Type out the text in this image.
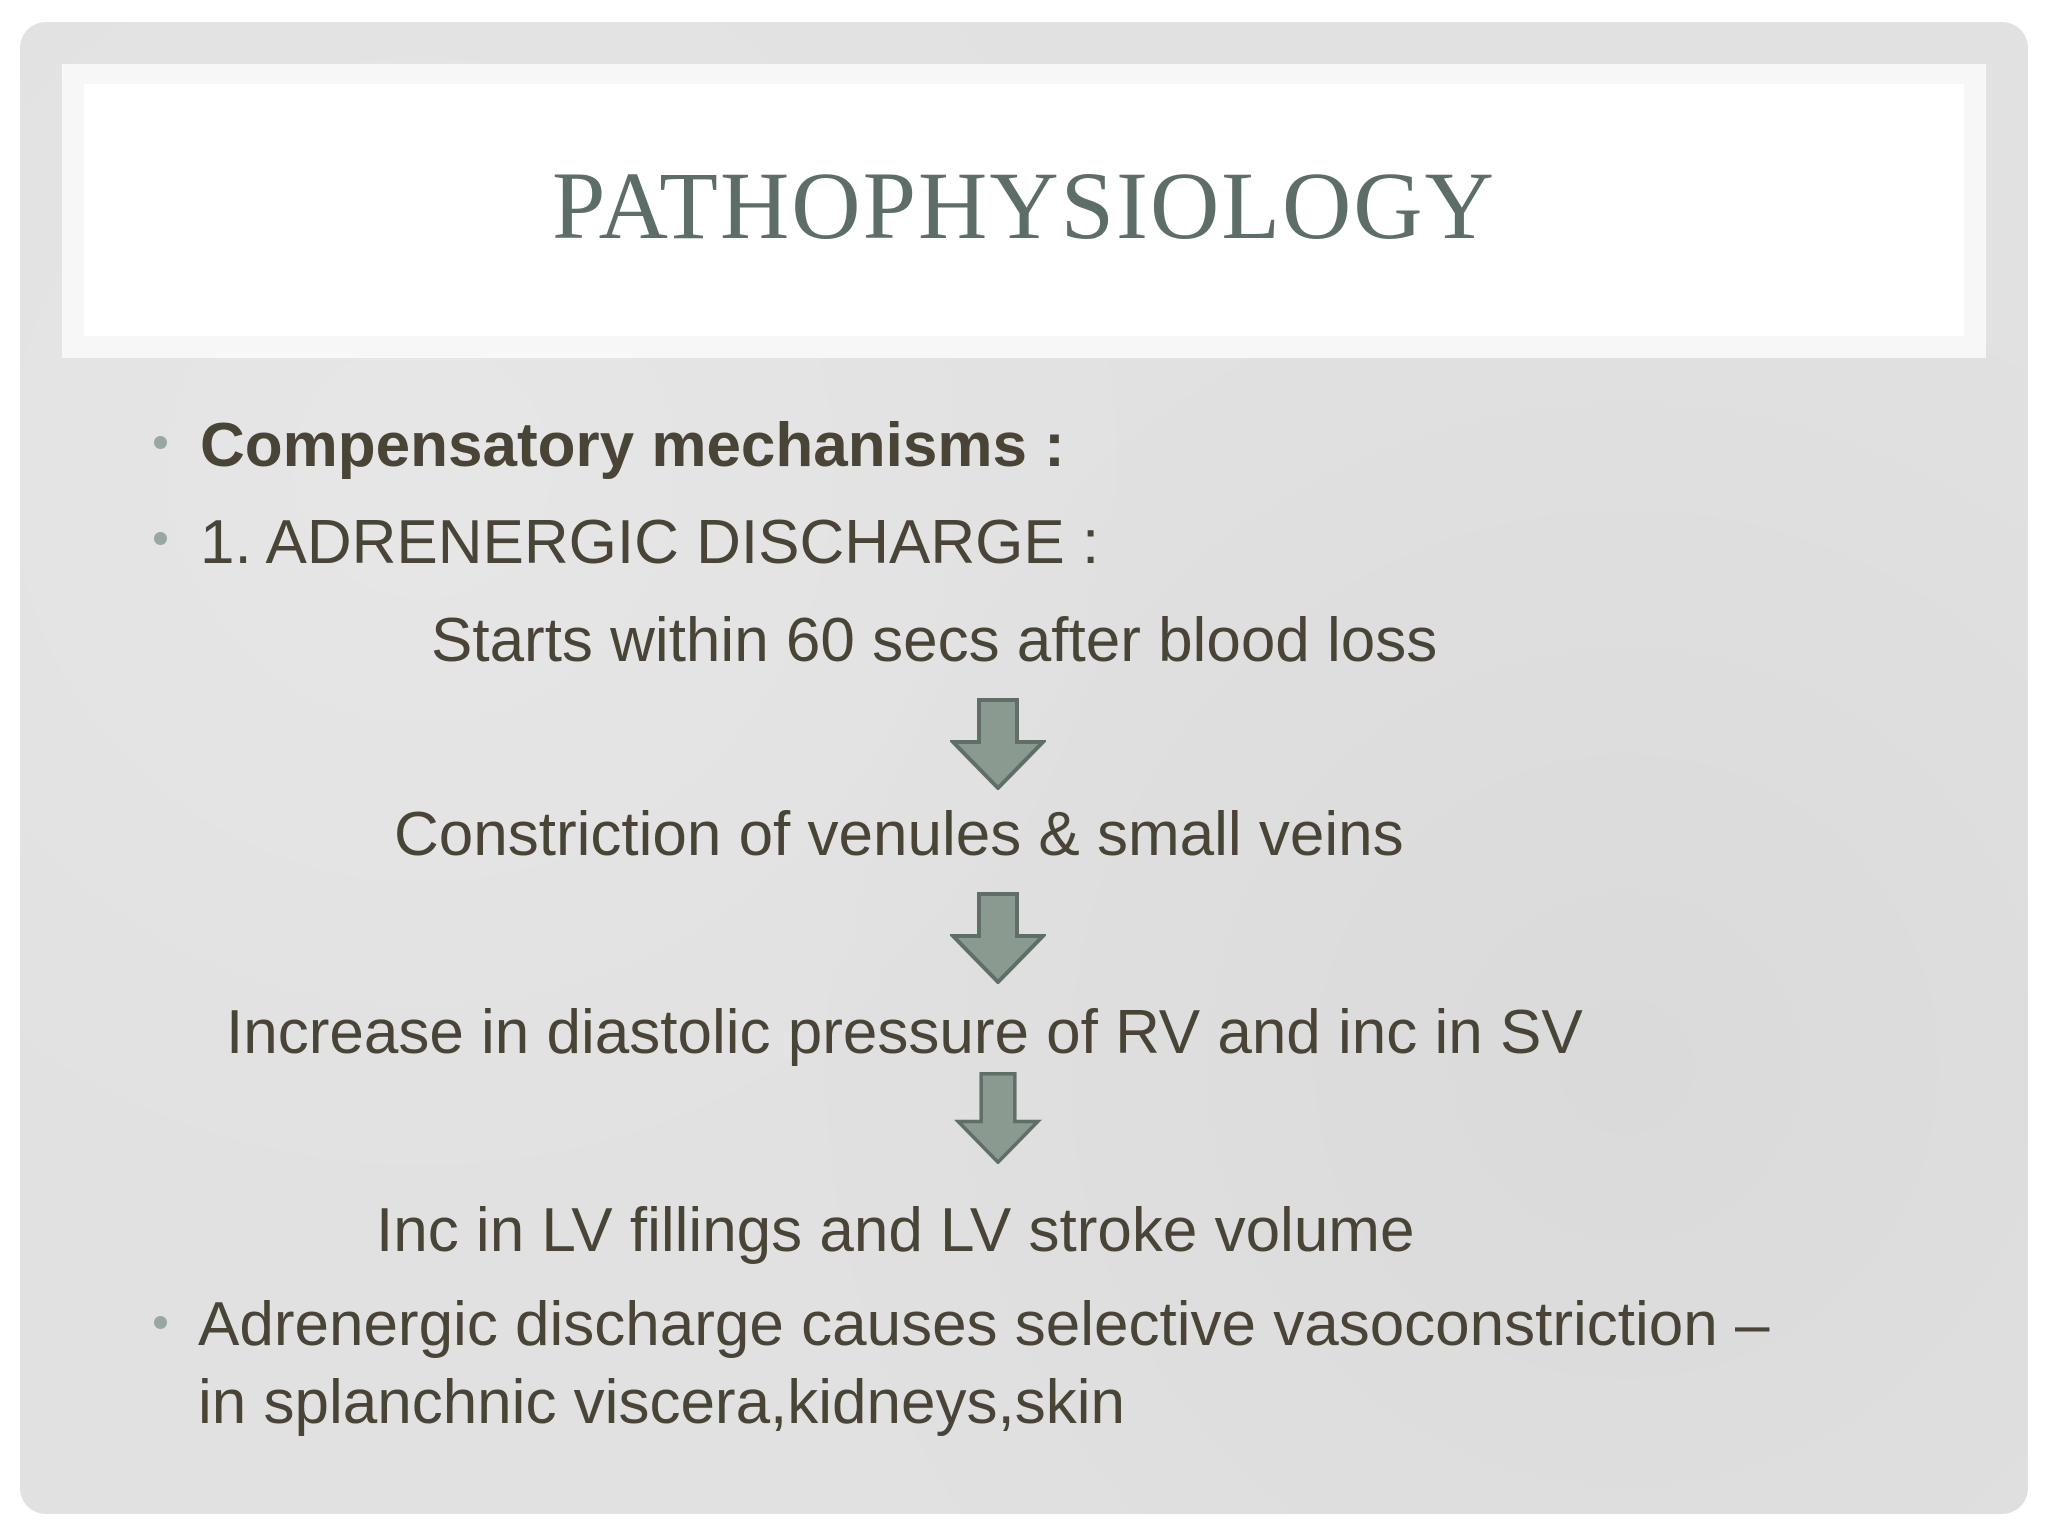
PATHOPHYSIOLOGY
Compensatory mechanisms :
1. ADRENERGIC DISCHARGE :
Starts within 60 secs after blood loss
Constriction of venules & small veins
Increase in diastolic pressure of RV and inc in SV
Inc in LV fillings and LV stroke volume
Adrenergic discharge causes selective vasoconstriction –
in splanchnic viscera,kidneys,skin
